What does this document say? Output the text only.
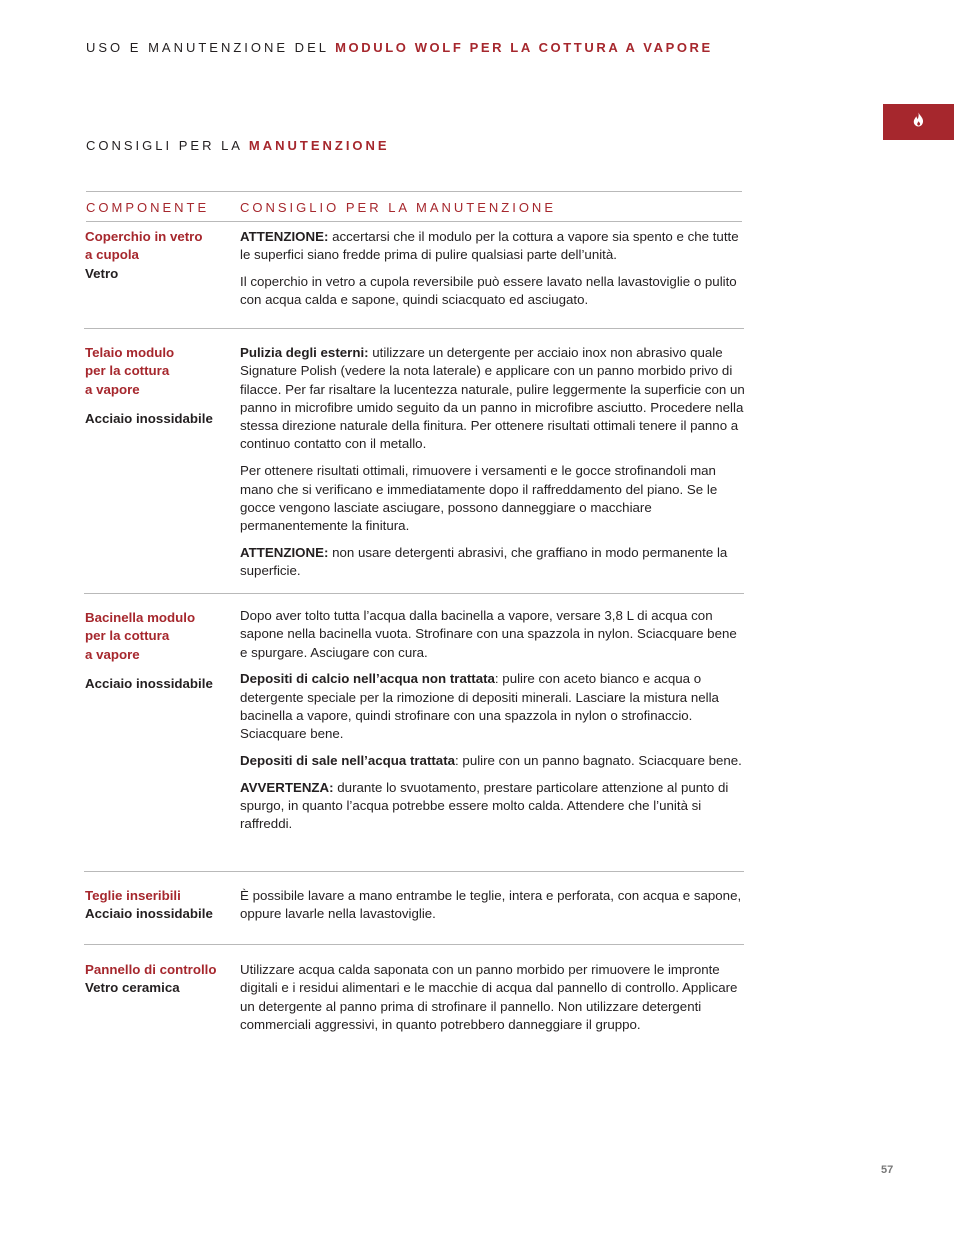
USO E MANUTENZIONE DEL MODULO WOLF PER LA COTTURA A VAPORE
CONSIGLI PER LA MANUTENZIONE
COMPONENTE CONSIGLIO PER LA MANUTENZIONE
Coperchio in vetro
a cupola
Vetro

ATTENZIONE: accertarsi che il modulo per la cottura a vapore sia spento e che tutte le superfici siano fredde prima di pulire qualsiasi parte dell’unità.

Il coperchio in vetro a cupola reversibile può essere lavato nella lavastoviglie o pulito con acqua calda e sapone, quindi sciacquato ed asciugato.

Telaio modulo
per la cottura
a vapore
Acciaio inossidabile

Pulizia degli esterni: utilizzare un detergente per acciaio inox non abrasivo quale Signature Polish (vedere la nota laterale) e applicare con un panno morbido privo di filacce. Per far risaltare la lucentezza naturale, pulire leggermente la superficie con un panno in microfibre umido seguito da un panno in microfibre asciutto. Procedere nella stessa direzione naturale della finitura. Per ottenere risultati ottimali tenere il panno a continuo contatto con il metallo.

Per ottenere risultati ottimali, rimuovere i versamenti e le gocce strofinandoli man mano che si verificano e immediatamente dopo il raffreddamento del piano. Se le gocce vengono lasciate asciugare, possono danneggiare o macchiare permanentemente la finitura.

ATTENZIONE: non usare detergenti abrasivi, che graffiano in modo permanente la superficie.

Bacinella modulo
per la cottura
a vapore
Acciaio inossidabile

Dopo aver tolto tutta l’acqua dalla bacinella a vapore, versare 3,8 L di acqua con sapone nella bacinella vuota. Strofinare con una spazzola in nylon. Sciacquare bene e spurgare. Asciugare con cura.

Depositi di calcio nell’acqua non trattata: pulire con aceto bianco e acqua o detergente speciale per la rimozione di depositi minerali. Lasciare la mistura nella bacinella a vapore, quindi strofinare con una spazzola in nylon o strofinaccio. Sciacquare bene.

Depositi di sale nell’acqua trattata: pulire con un panno bagnato. Sciacquare bene.

AVVERTENZA: durante lo svuotamento, prestare particolare attenzione al punto di spurgo, in quanto l’acqua potrebbe essere molto calda. Attendere che l’unità si raffreddi.

Teglie inseribili
Acciaio inossidabile

È possibile lavare a mano entrambe le teglie, intera e perforata, con acqua e sapone, oppure lavarle nella lavastoviglie.

Pannello di controllo
Vetro ceramica

Utilizzare acqua calda saponata con un panno morbido per rimuovere le impronte digitali e i residui alimentari e le macchie di acqua dal pannello di controllo. Applicare un detergente al panno prima di strofinare il pannello. Non utilizzare detergenti commerciali aggressivi, in quanto potrebbero danneggiare il gruppo.

57
